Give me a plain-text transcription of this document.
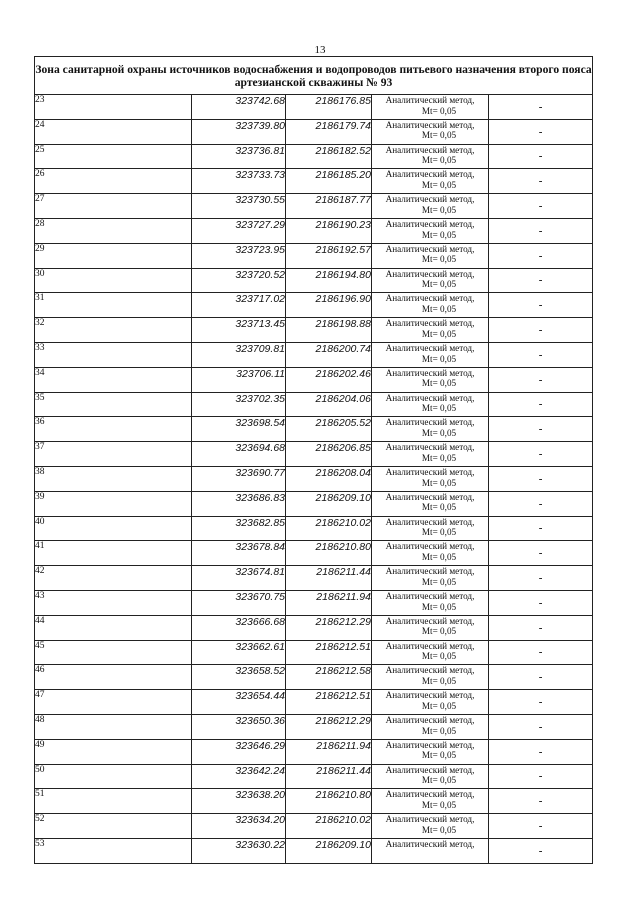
13
Зона санитарной охраны источников водоснабжения и водопроводов питьевого назначения второго пояса артезианской скважины № 93				
23	323742.68	2186176.85	Аналитический метод,
Mt= 0,05	-
24	323739.80	2186179.74	Аналитический метод,
Mt= 0,05	-
25	323736.81	2186182.52	Аналитический метод,
Mt= 0,05	-
26	323733.73	2186185.20	Аналитический метод,
Mt= 0,05	-
27	323730.55	2186187.77	Аналитический метод,
Mt= 0,05	-
28	323727.29	2186190.23	Аналитический метод,
Mt= 0,05	-
29	323723.95	2186192.57	Аналитический метод,
Mt= 0,05	-
30	323720.52	2186194.80	Аналитический метод,
Mt= 0,05	-
31	323717.02	2186196.90	Аналитический метод,
Mt= 0,05	-
32	323713.45	2186198.88	Аналитический метод,
Mt= 0,05	-
33	323709.81	2186200.74	Аналитический метод,
Mt= 0,05	-
34	323706.11	2186202.46	Аналитический метод,
Mt= 0,05	-
35	323702.35	2186204.06	Аналитический метод,
Mt= 0,05	-
36	323698.54	2186205.52	Аналитический метод,
Mt= 0,05	-
37	323694.68	2186206.85	Аналитический метод,
Mt= 0,05	-
38	323690.77	2186208.04	Аналитический метод,
Mt= 0,05	-
39	323686.83	2186209.10	Аналитический метод,
Mt= 0,05	-
40	323682.85	2186210.02	Аналитический метод,
Mt= 0,05	-
41	323678.84	2186210.80	Аналитический метод,
Mt= 0,05	-
42	323674.81	2186211.44	Аналитический метод,
Mt= 0,05	-
43	323670.75	2186211.94	Аналитический метод,
Mt= 0,05	-
44	323666.68	2186212.29	Аналитический метод,
Mt= 0,05	-
45	323662.61	2186212.51	Аналитический метод,
Mt= 0,05	-
46	323658.52	2186212.58	Аналитический метод,
Mt= 0,05	-
47	323654.44	2186212.51	Аналитический метод,
Mt= 0,05	-
48	323650.36	2186212.29	Аналитический метод,
Mt= 0,05	-
49	323646.29	2186211.94	Аналитический метод,
Mt= 0,05	-
50	323642.24	2186211.44	Аналитический метод,
Mt= 0,05	-
51	323638.20	2186210.80	Аналитический метод,
Mt= 0,05	-
52	323634.20	2186210.02	Аналитический метод,
Mt= 0,05	-
53	323630.22	2186209.10	Аналитический метод,	-
